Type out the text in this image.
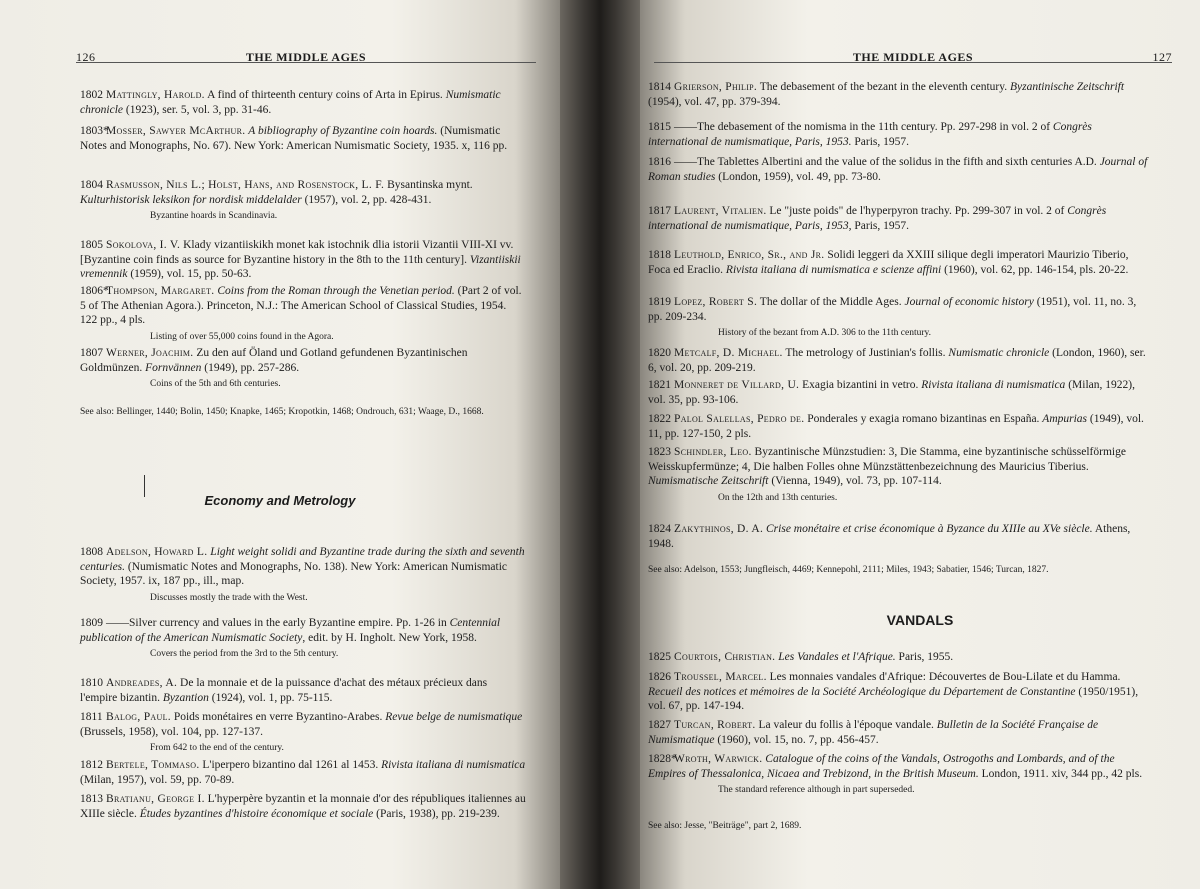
126	THE MIDDLE AGES
1802 Mattingly, Harold. A find of thirteenth century coins of Arta in Epirus. Numismatic chronicle (1923), ser. 5, vol. 3, pp. 31-46.
1803*Mosser, Sawyer McArthur. A bibliography of Byzantine coin hoards. (Numismatic Notes and Monographs, No. 67). New York: American Numismatic Society, 1935. x, 116 pp.
1804 Rasmusson, Nils L.; Holst, Hans, and Rosenstock, L. F. Bysantinska mynt. Kulturhistorisk leksikon for nordisk middelalder (1957), vol. 2, pp. 428-431.
Byzantine hoards in Scandinavia.
1805 Sokolova, I. V. Klady vizantiiskikh monet kak istochnik dlia istorii Vizantii VIII-XI vv. [Byzantine coin finds as source for Byzantine history in the 8th to the 11th century]. Vizantiiskii vremennik (1959), vol. 15, pp. 50-63.
1806*Thompson, Margaret. Coins from the Roman through the Venetian period. (Part 2 of vol. 5 of The Athenian Agora.). Princeton, N.J.: The American School of Classical Studies, 1954. 122 pp., 4 pls.
Listing of over 55,000 coins found in the Agora.
1807 Werner, Joachim. Zu den auf Öland und Gotland gefundenen Byzantinischen Goldmünzen. Fornvännen (1949), pp. 257-286.
Coins of the 5th and 6th centuries.
See also: Bellinger, 1440; Bolin, 1450; Knapke, 1465; Kropotkin, 1468; Ondrouch, 631; Waage, D., 1668.
Economy and Metrology
1808 Adelson, Howard L. Light weight solidi and Byzantine trade during the sixth and seventh centuries. (Numismatic Notes and Monographs, No. 138). New York: American Numismatic Society, 1957. ix, 187 pp., ill., map.
Discusses mostly the trade with the West.
1809 ——Silver currency and values in the early Byzantine empire. Pp. 1-26 in Centennial publication of the American Numismatic Society, edit. by H. Ingholt. New York, 1958.
Covers the period from the 3rd to the 5th century.
1810 Andreades, A. De la monnaie et de la puissance d'achat des métaux précieux dans l'empire bizantin. Byzantion (1924), vol. 1, pp. 75-115.
1811 Balog, Paul. Poids monétaires en verre Byzantino-Arabes. Revue belge de numismatique (Brussels, 1958), vol. 104, pp. 127-137.
From 642 to the end of the century.
1812 Bertele, Tommaso. L'iperpero bizantino dal 1261 al 1453. Rivista italiana di numismatica (Milan, 1957), vol. 59, pp. 70-89.
1813 Bratianu, George I. L'hyperpère byzantin et la monnaie d'or des républiques italiennes au XIIIe siècle. Études byzantines d'histoire économique et sociale (Paris, 1938), pp. 219-239.
THE MIDDLE AGES	127
1814 Grierson, Philip. The debasement of the bezant in the eleventh century. Byzantinische Zeitschrift (1954), vol. 47, pp. 379-394.
1815 ——The debasement of the nomisma in the 11th century. Pp. 297-298 in vol. 2 of Congrès international de numismatique, Paris, 1953. Paris, 1957.
1816 ——The Tablettes Albertini and the value of the solidus in the fifth and sixth centuries A.D. Journal of Roman studies (London, 1959), vol. 49, pp. 73-80.
1817 Laurent, Vitalien. Le "juste poids" de l'hyperpyron trachy. Pp. 299-307 in vol. 2 of Congrès international de numismatique, Paris, 1953, Paris, 1957.
1818 Leuthold, Enrico, Sr., and Jr. Solidi leggeri da XXIII silique degli imperatori Maurizio Tiberio, Foca ed Eraclio. Rivista italiana di numismatica e scienze affini (1960), vol. 62, pp. 146-154, pls. 20-22.
1819 Lopez, Robert S. The dollar of the Middle Ages. Journal of economic history (1951), vol. 11, no. 3, pp. 209-234.
History of the bezant from A.D. 306 to the 11th century.
1820 Metcalf, D. Michael. The metrology of Justinian's follis. Numismatic chronicle (London, 1960), ser. 6, vol. 20, pp. 209-219.
1821 Monneret de Villard, U. Exagia bizantini in vetro. Rivista italiana di numismatica (Milan, 1922), vol. 35, pp. 93-106.
1822 Palol Salellas, Pedro de. Ponderales y exagia romano bizantinas en España. Ampurias (1949), vol. 11, pp. 127-150, 2 pls.
1823 Schindler, Leo. Byzantinische Münzstudien: 3, Die Stamma, eine byzantinische schüsselförmige Weisskupfermünze; 4, Die halben Folles ohne Münzstättenbezeichnung des Mauricius Tiberius. Numismatische Zeitschrift (Vienna, 1949), vol. 73, pp. 107-114.
On the 12th and 13th centuries.
1824 Zakythinos, D. A. Crise monétaire et crise économique à Byzance du XIIIe au XVe siècle. Athens, 1948.
See also: Adelson, 1553; Jungfleisch, 4469; Kennepohl, 2111; Miles, 1943; Sabatier, 1546; Turcan, 1827.
VANDALS
1825 Courtois, Christian. Les Vandales et l'Afrique. Paris, 1955.
1826 Troussel, Marcel. Les monnaies vandales d'Afrique: Découvertes de Bou-Lilate et du Hamma. Recueil des notices et mémoires de la Société Archéologique du Département de Constantine (1950/1951), vol. 67, pp. 147-194.
1827 Turcan, Robert. La valeur du follis à l'époque vandale. Bulletin de la Société Française de Numismatique (1960), vol. 15, no. 7, pp. 456-457.
1828*Wroth, Warwick. Catalogue of the coins of the Vandals, Ostrogoths and Lombards, and of the Empires of Thessalonica, Nicaea and Trebizond, in the British Museum. London, 1911. xiv, 344 pp., 42 pls.
The standard reference although in part superseded.
See also: Jesse, "Beiträge", part 2, 1689.
